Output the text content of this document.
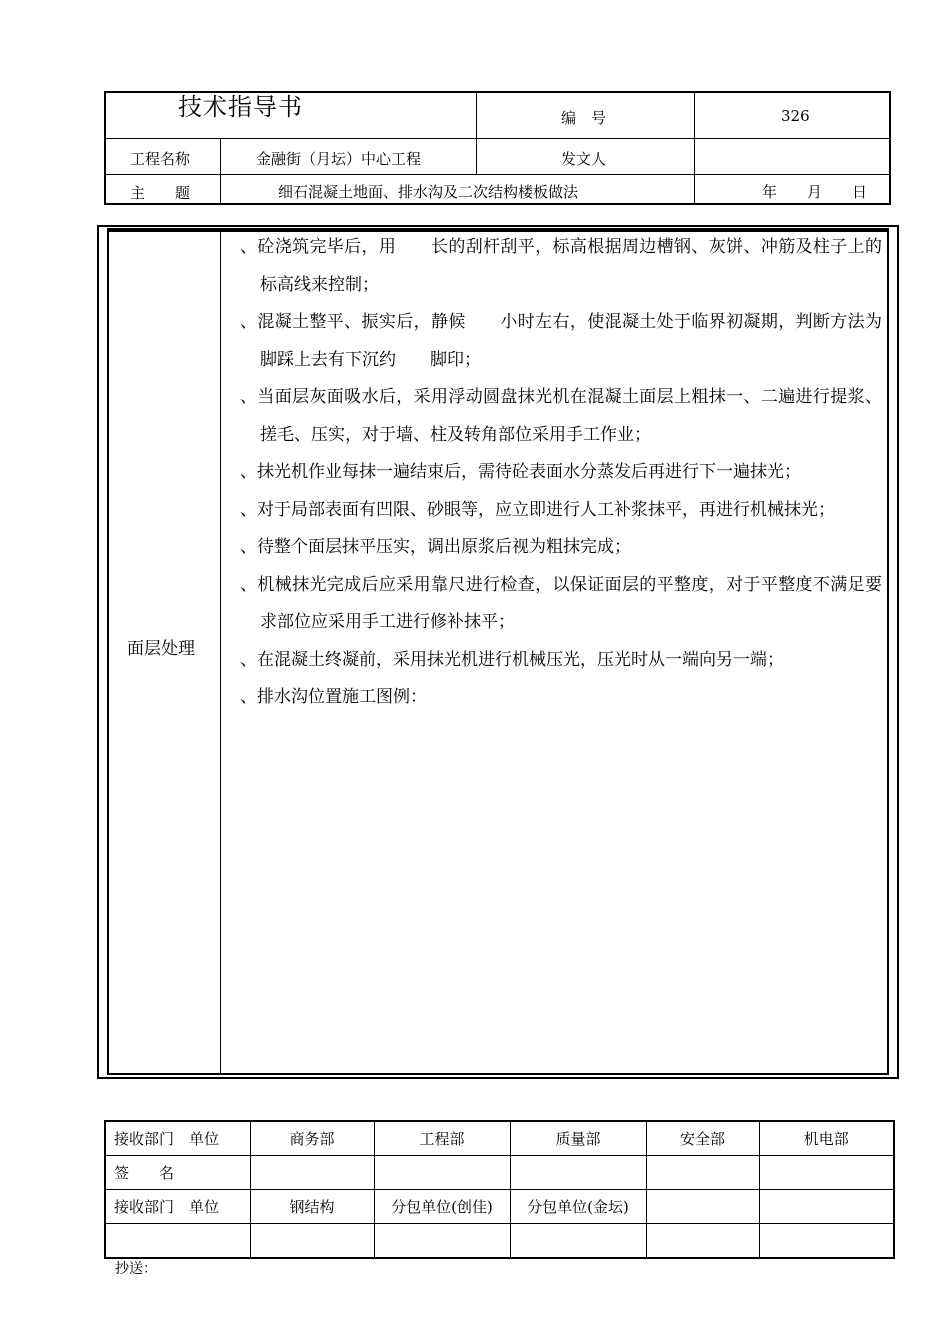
技术指导书	编　号	326
工程名称	金融街（月坛）中心工程	发文人
主　　题	细石混凝土地面、排水沟及二次结构楼板做法	年　　月　　日
面层处理
、砼浇筑完毕后，用　　长的刮杆刮平，标高根据周边槽钢、灰饼、冲筋及柱子上的标高线来控制；
、混凝土整平、振实后，静候　　小时左右，使混凝土处于临界初凝期，判断方法为脚踩上去有下沉约　　脚印；
、当面层灰面吸水后，采用浮动圆盘抹光机在混凝土面层上粗抹一、二遍进行提浆、搓毛、压实，对于墙、柱及转角部位采用手工作业；
、抹光机作业每抹一遍结束后，需待砼表面水分蒸发后再进行下一遍抹光；
、对于局部表面有凹限、砂眼等，应立即进行人工补浆抹平，再进行机械抹光；
、待整个面层抹平压实，调出原浆后视为粗抹完成；
、机械抹光完成后应采用靠尺进行检查，以保证面层的平整度，对于平整度不满足要求部位应采用手工进行修补抹平；
、在混凝土终凝前，采用抹光机进行机械压光，压光时从一端向另一端；
、排水沟位置施工图例：
接收部门　单位	商务部	工程部	质量部	安全部	机电部
签　　名					
接收部门　单位	钢结构	分包单位(创佳)	分包单位(金坛)		

抄送：
